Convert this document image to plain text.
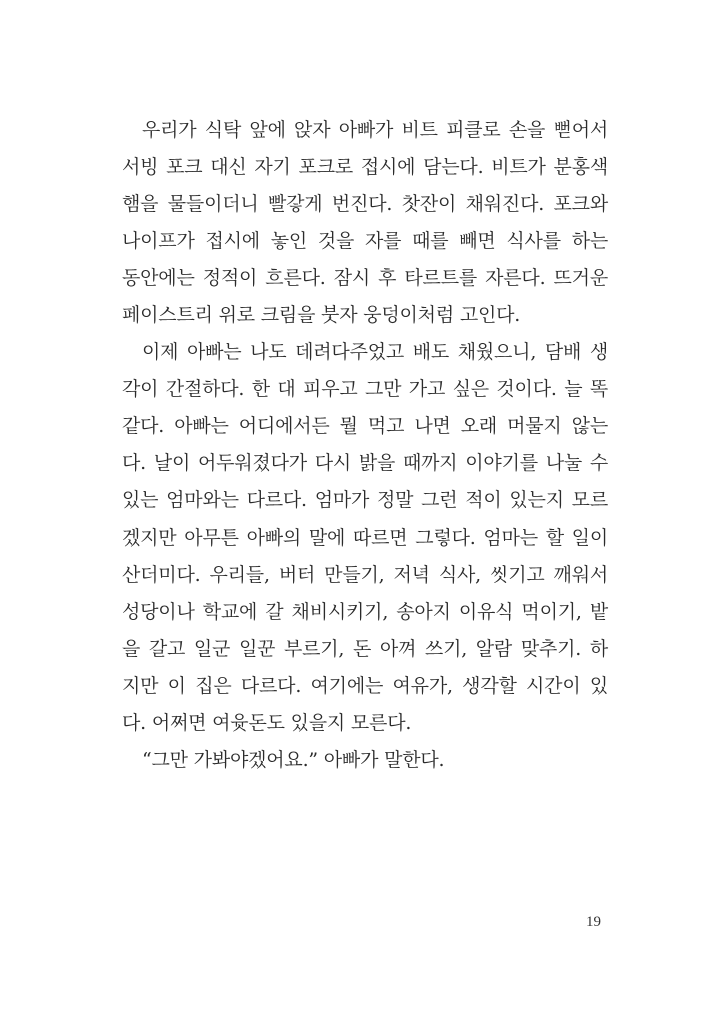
우리가 식탁 앞에 앉자 아빠가 비트 피클로 손을 뻗어서
서빙 포크 대신 자기 포크로 접시에 담는다. 비트가 분홍색
햄을 물들이더니 빨갛게 번진다. 찻잔이 채워진다. 포크와
나이프가 접시에 놓인 것을 자를 때를 빼면 식사를 하는
동안에는 정적이 흐른다. 잠시 후 타르트를 자른다. 뜨거운
페이스트리 위로 크림을 붓자 웅덩이처럼 고인다.
이제 아빠는 나도 데려다주었고 배도 채웠으니, 담배 생
각이 간절하다. 한 대 피우고 그만 가고 싶은 것이다. 늘 똑
같다. 아빠는 어디에서든 뭘 먹고 나면 오래 머물지 않는
다. 날이 어두워졌다가 다시 밝을 때까지 이야기를 나눌 수
있는 엄마와는 다르다. 엄마가 정말 그런 적이 있는지 모르
겠지만 아무튼 아빠의 말에 따르면 그렇다. 엄마는 할 일이
산더미다. 우리들, 버터 만들기, 저녁 식사, 씻기고 깨워서
성당이나 학교에 갈 채비시키기, 송아지 이유식 먹이기, 밭
을 갈고 일군 일꾼 부르기, 돈 아껴 쓰기, 알람 맞추기. 하
지만 이 집은 다르다. 여기에는 여유가, 생각할 시간이 있
다. 어쩌면 여윳돈도 있을지 모른다.
“그만 가봐야겠어요.” 아빠가 말한다.
19
